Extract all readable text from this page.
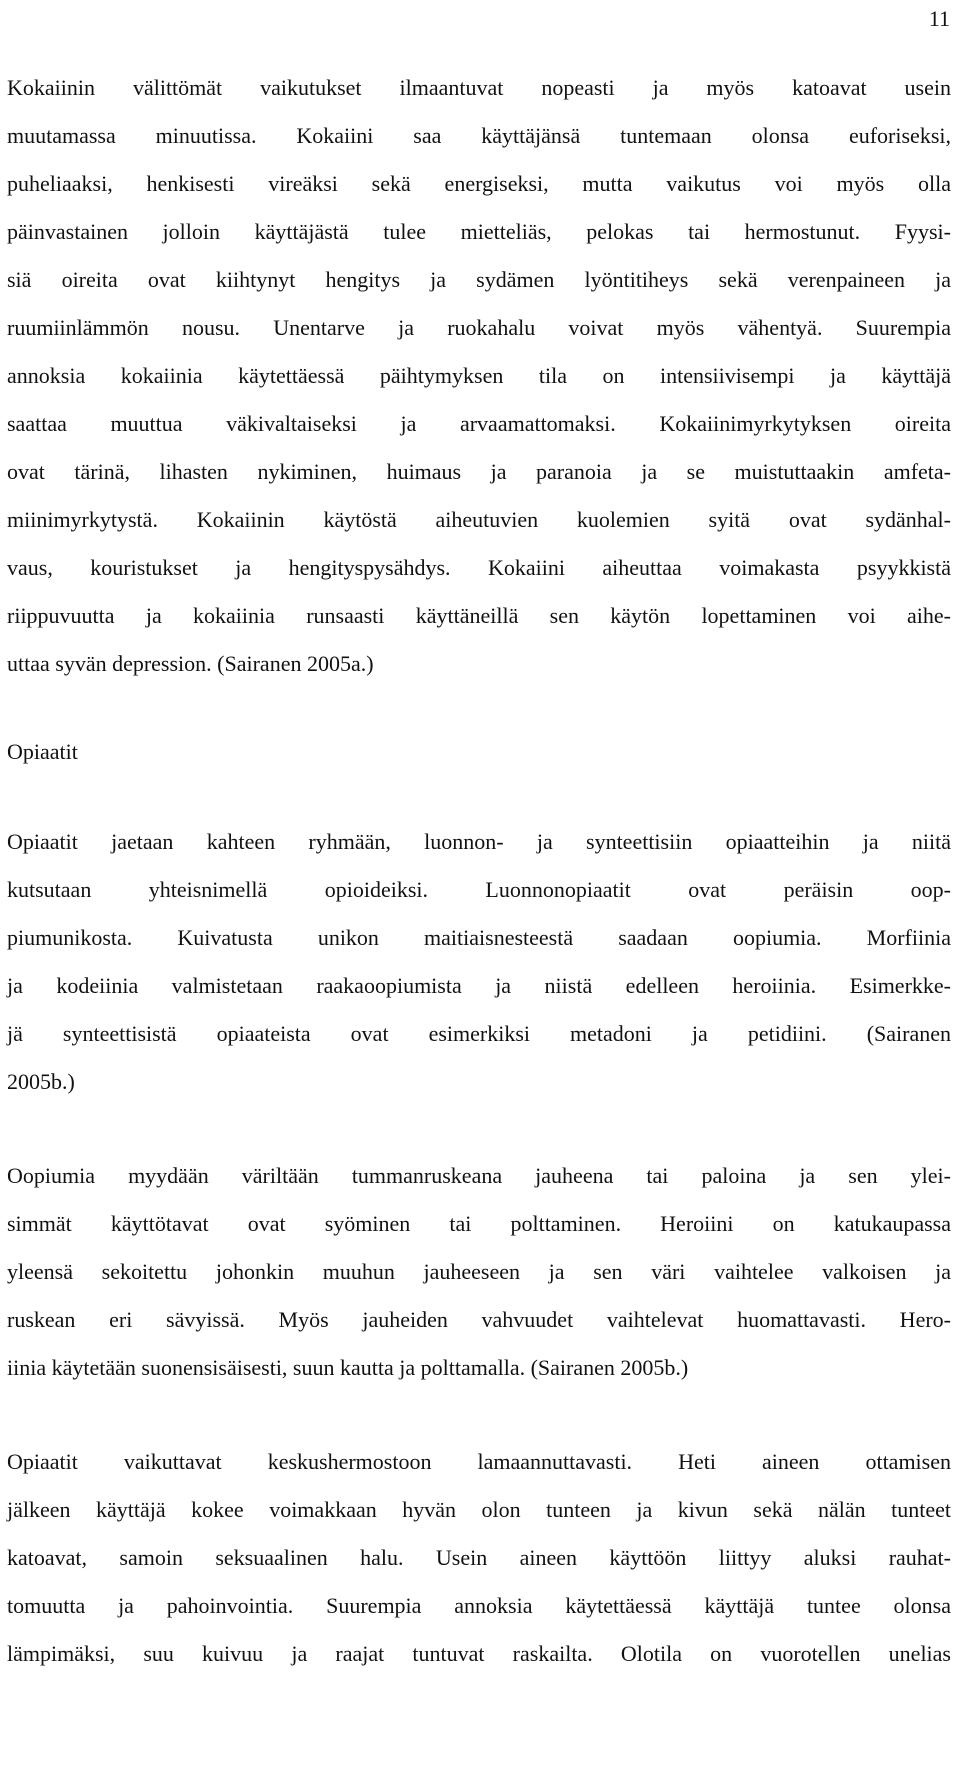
11
Kokaiinin välittömät vaikutukset ilmaantuvat nopeasti ja myös katoavat usein
muutamassa minuutissa. Kokaiini saa käyttäjänsä tuntemaan olonsa euforiseksi,
puheliaaksi, henkisesti vireäksi sekä energiseksi, mutta vaikutus voi myös olla
päinvastainen jolloin käyttäjästä tulee mietteliäs, pelokas tai hermostunut. Fyysi-
siä oireita ovat kiihtynyt hengitys ja sydämen lyöntitiheys sekä verenpaineen ja
ruumiinlämmön nousu. Unentarve ja ruokahalu voivat myös vähentyä. Suurempia
annoksia kokaiinia käytettäessä päihtymyksen tila on intensiivisempi ja käyttäjä
saattaa muuttua väkivaltaiseksi ja arvaamattomaksi. Kokaiinimyrkytyksen oireita
ovat tärinä, lihasten nykiminen, huimaus ja paranoia ja se muistuttaakin amfeta-
miinimyrkytystä. Kokaiinin käytöstä aiheutuvien kuolemien syitä ovat sydänhal-
vaus, kouristukset ja hengityspysähdys. Kokaiini aiheuttaa voimakasta psyykkistä
riippuvuutta ja kokaiinia runsaasti käyttäneillä sen käytön lopettaminen voi aihe-
uttaa syvän depression. (Sairanen 2005a.)
Opiaatit
Opiaatit jaetaan kahteen ryhmään, luonnon- ja synteettisiin opiaatteihin ja niitä
kutsutaan yhteisnimellä opioideiksi. Luonnonopiaatit ovat peräisin oop-
piumunikosta. Kuivatusta unikon maitiaisnesteestä saadaan oopiumia. Morfiinia
ja kodeiinia valmistetaan raakaoopiumista ja niistä edelleen heroiinia. Esimerkke-
jä synteettisistä opiaateista ovat esimerkiksi metadoni ja petidiini. (Sairanen
2005b.)
Oopiumia myydään väriltään tummanruskeana jauheena tai paloina ja sen ylei-
simmät käyttötavat ovat syöminen tai polttaminen. Heroiini on katukaupassa
yleensä sekoitettu johonkin muuhun jauheeseen ja sen väri vaihtelee valkoisen ja
ruskean eri sävyissä. Myös jauheiden vahvuudet vaihtelevat huomattavasti. Hero-
iinia käytetään suonensisäisesti, suun kautta ja polttamalla. (Sairanen 2005b.)
Opiaatit vaikuttavat keskushermostoon lamaannuttavasti. Heti aineen ottamisen
jälkeen käyttäjä kokee voimakkaan hyvän olon tunteen ja kivun sekä nälän tunteet
katoavat, samoin seksuaalinen halu. Usein aineen käyttöön liittyy aluksi rauhat-
tomuutta ja pahoinvointia. Suurempia annoksia käytettäessä käyttäjä tuntee olonsa
lämpimäksi, suu kuivuu ja raajat tuntuvat raskailta. Olotila on vuorotellen unelias
